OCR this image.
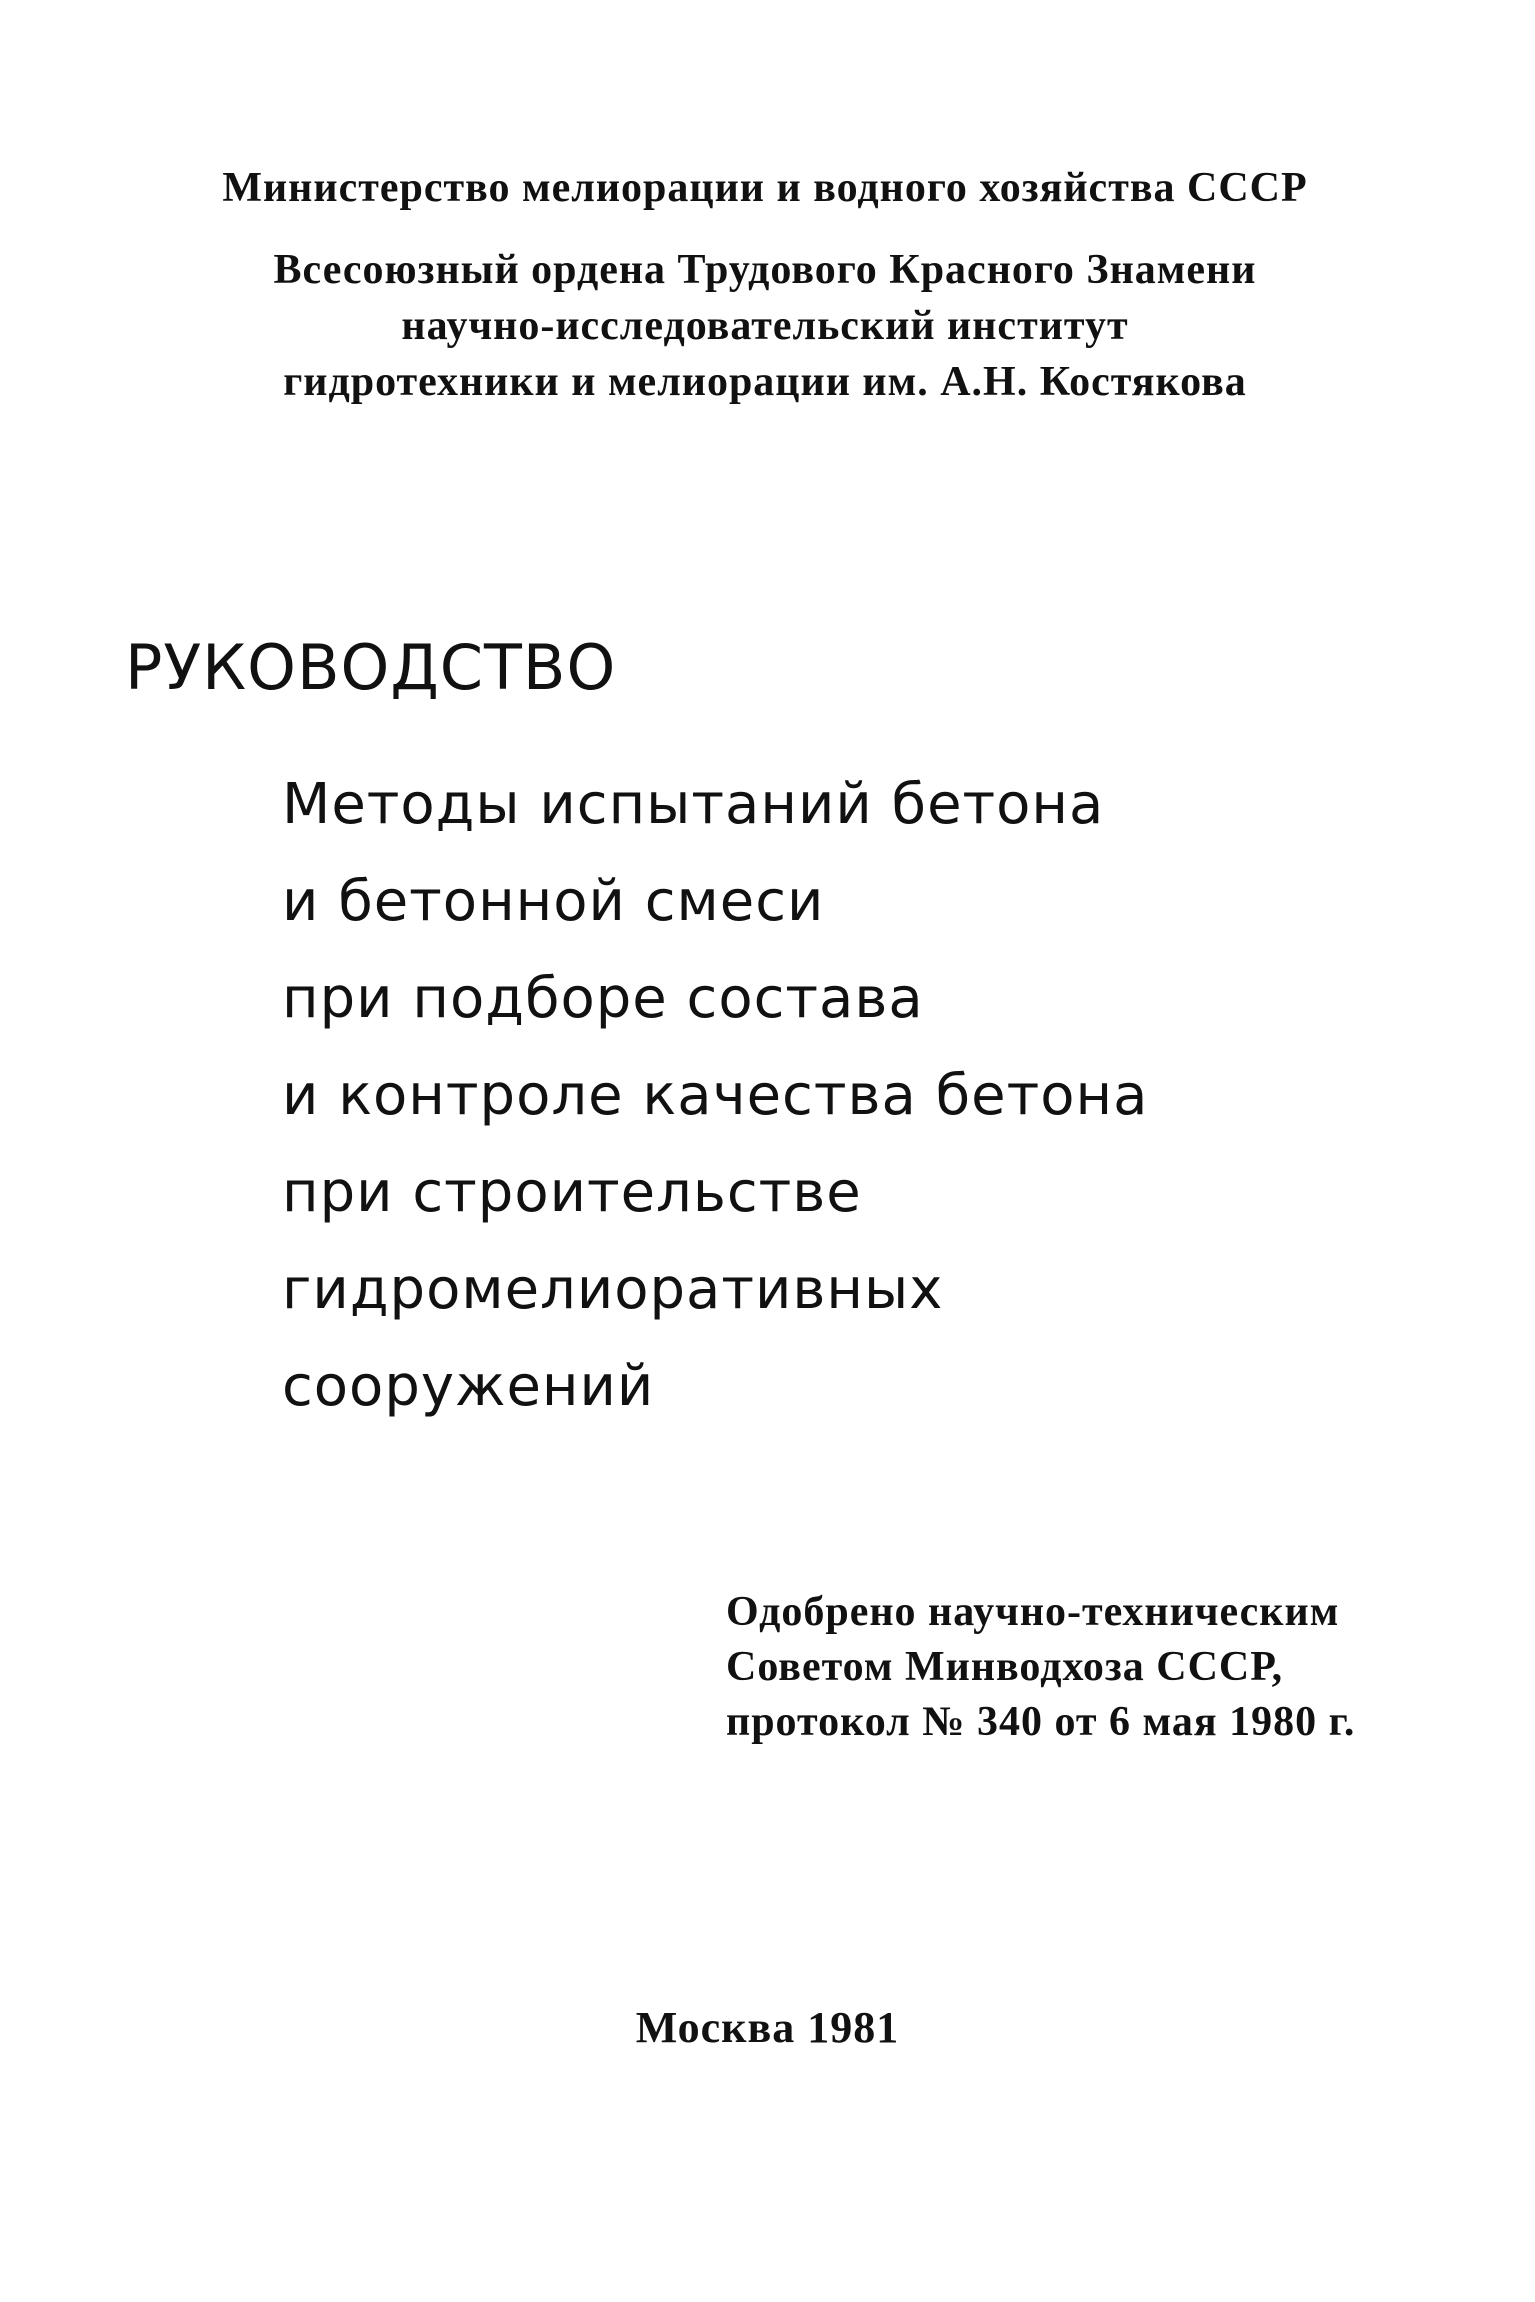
Министерство мелиорации и водного хозяйства СССР
Всесоюзный ордена Трудового Красного Знамени
научно-исследовательский институт
гидротехники и мелиорации им. А.Н. Костякова
РУКОВОДСТВО
Методы испытаний бетона
и бетонной смеси
при подборе состава
и контроле качества бетона
при строительстве
гидромелиоративных
сооружений
Одобрено научно-техническим
Советом Минводхоза СССР,
протокол № 340 от 6 мая 1980 г.
Москва 1981
